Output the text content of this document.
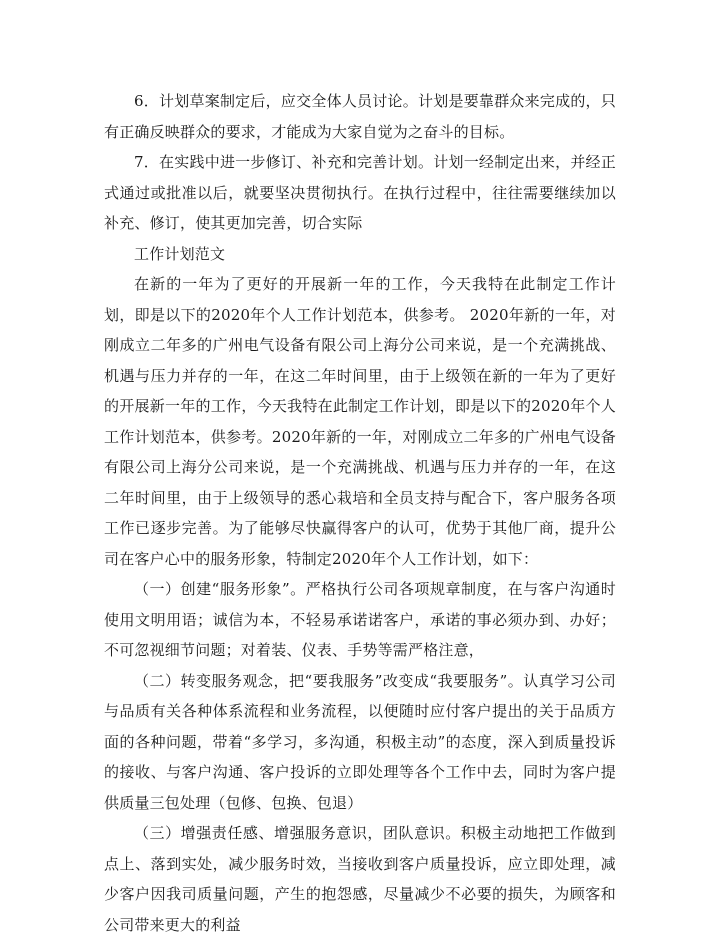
6．计划草案制定后，应交全体人员讨论。计划是要靠群众来完成的，只有正确反映群众的要求，才能成为大家自觉为之奋斗的目标。

7．在实践中进一步修订、补充和完善计划。计划一经制定出来，并经正式通过或批准以后，就要坚决贯彻执行。在执行过程中，往往需要继续加以补充、修订，使其更加完善，切合实际

工作计划范文

在新的一年为了更好的开展新一年的工作，今天我特在此制定工作计划，即是以下的2020年个人工作计划范本，供参考。 2020年新的一年，对刚成立二年多的广州电气设备有限公司上海分公司来说，是一个充满挑战、机遇与压力并存的一年，在这二年时间里，由于上级领在新的一年为了更好的开展新一年的工作，今天我特在此制定工作计划，即是以下的2020年个人工作计划范本，供参考。2020年新的一年，对刚成立二年多的广州电气设备有限公司上海分公司来说，是一个充满挑战、机遇与压力并存的一年，在这二年时间里，由于上级领导的悉心栽培和全员支持与配合下，客户服务各项工作已逐步完善。为了能够尽快赢得客户的认可，优势于其他厂商，提升公司在客户心中的服务形象，特制定2020年个人工作计划，如下：

（一）创建“服务形象”。严格执行公司各项规章制度，在与客户沟通时使用文明用语；诚信为本，不轻易承诺诺客户，承诺的事必须办到、办好；不可忽视细节问题；对着装、仪表、手势等需严格注意，

（二）转变服务观念，把“要我服务”改变成“我要服务”。认真学习公司与品质有关各种体系流程和业务流程，以便随时应付客户提出的关于品质方面的各种问题，带着“多学习，多沟通，积极主动”的态度，深入到质量投诉的接收、与客户沟通、客户投诉的立即处理等各个工作中去，同时为客户提供质量三包处理（包修、包换、包退）

（三）增强责任感、增强服务意识，团队意识。积极主动地把工作做到点上、落到实处，减少服务时效，当接收到客户质量投诉，应立即处理，减少客户因我司质量问题，产生的抱怨感，尽量减少不必要的损失，为顾客和公司带来更大的利益
